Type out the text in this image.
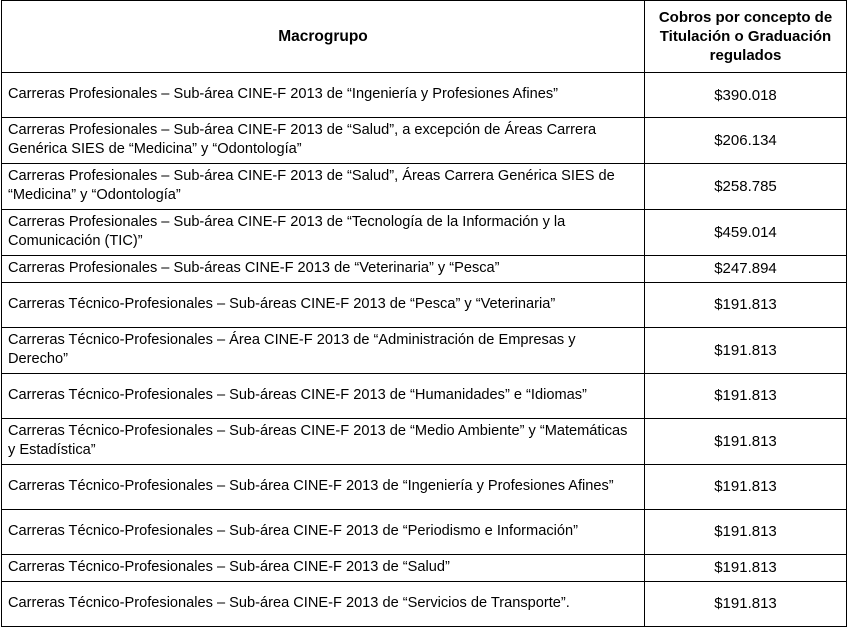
Macrogrupo	Cobros por concepto de Titulación o Graduación regulados
Carreras Profesionales – Sub-área CINE-F 2013 de “Ingeniería y Profesiones Afines”	$390.018
Carreras Profesionales – Sub-área CINE-F 2013 de “Salud”, a excepción de Áreas Carrera Genérica SIES de “Medicina” y “Odontología”	$206.134
Carreras Profesionales – Sub-área CINE-F 2013 de “Salud”, Áreas Carrera Genérica SIES de “Medicina” y “Odontología”	$258.785
Carreras Profesionales – Sub-área CINE-F 2013 de “Tecnología de la Información y la Comunicación (TIC)”	$459.014
Carreras Profesionales – Sub-áreas CINE-F 2013 de “Veterinaria” y “Pesca”	$247.894
Carreras Técnico-Profesionales – Sub-áreas CINE-F 2013 de “Pesca” y “Veterinaria”	$191.813
Carreras Técnico-Profesionales – Área CINE-F 2013 de “Administración de Empresas y Derecho”	$191.813
Carreras Técnico-Profesionales – Sub-áreas CINE-F 2013 de “Humanidades” e “Idiomas”	$191.813
Carreras Técnico-Profesionales – Sub-áreas CINE-F 2013 de “Medio Ambiente” y “Matemáticas y Estadística”	$191.813
Carreras Técnico-Profesionales – Sub-área CINE-F 2013 de “Ingeniería y Profesiones Afines”	$191.813
Carreras Técnico-Profesionales – Sub-área CINE-F 2013 de “Periodismo e Información”	$191.813
Carreras Técnico-Profesionales – Sub-área CINE-F 2013 de “Salud”	$191.813
Carreras Técnico-Profesionales – Sub-área CINE-F 2013 de “Servicios de Transporte”.	$191.813
